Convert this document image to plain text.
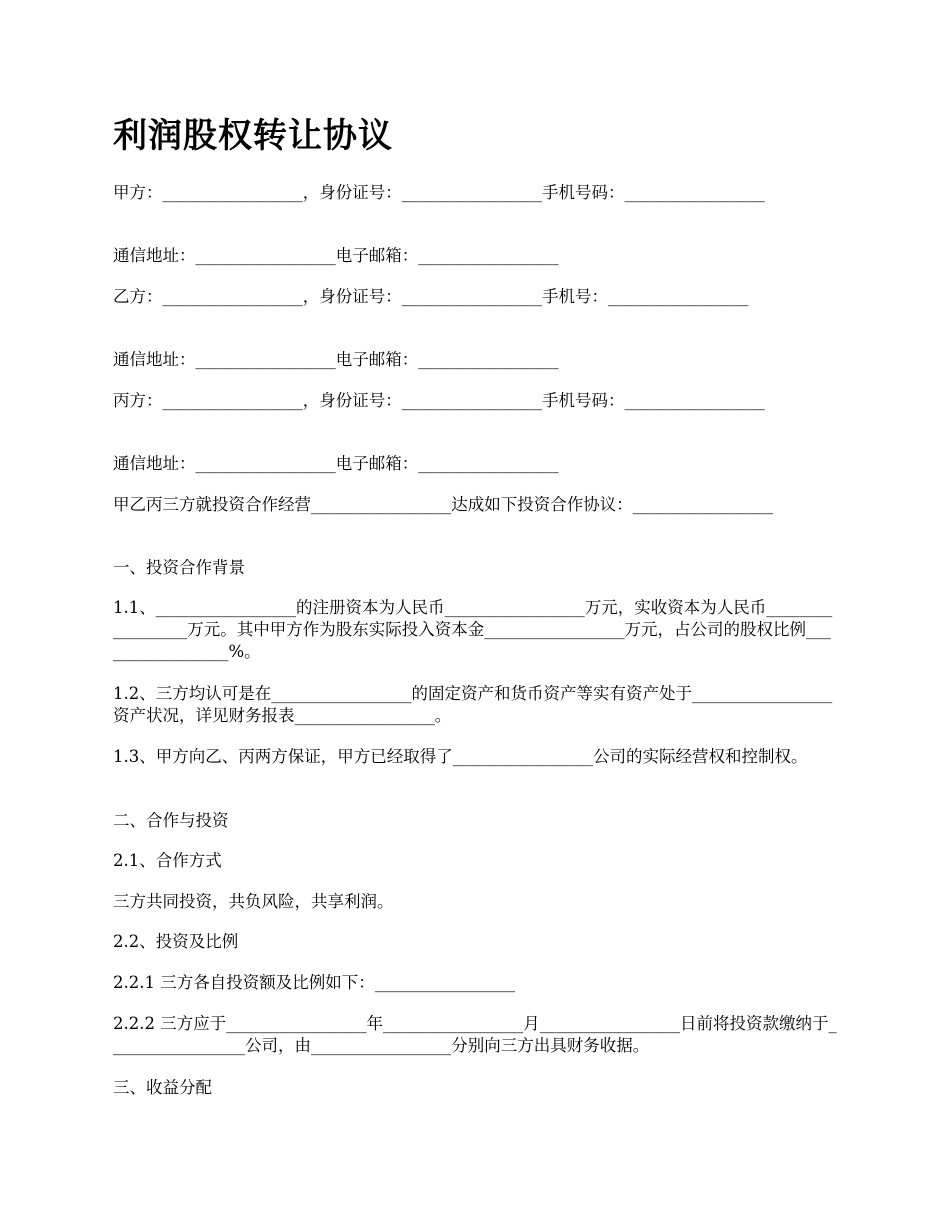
利润股权转让协议

甲方：_________________，身份证号：_________________手机号码：_________________

通信地址：_________________电子邮箱：_________________

乙方：_________________，身份证号：_________________手机号：_________________

通信地址：_________________电子邮箱：_________________

丙方：_________________，身份证号：_________________手机号码：_________________

通信地址：_________________电子邮箱：_________________

甲乙丙三方就投资合作经营_________________达成如下投资合作协议：_________________

一、投资合作背景

1.1、_________________的注册资本为人民币_________________万元，实收资本为人民币_________________万元。其中甲方作为股东实际投入资本金_________________万元，占公司的股权比例_________________%。

1.2、三方均认可是在_________________的固定资产和货币资产等实有资产处于_________________资产状况，详见财务报表_________________。

1.3、甲方向乙、丙两方保证，甲方已经取得了_________________公司的实际经营权和控制权。

二、合作与投资

2.1、合作方式

三方共同投资，共负风险，共享利润。

2.2、投资及比例

2.2.1 三方各自投资额及比例如下：_________________

2.2.2 三方应于_________________年_________________月_________________日前将投资款缴纳于_________________公司，由_________________分别向三方出具财务收据。

三、收益分配
